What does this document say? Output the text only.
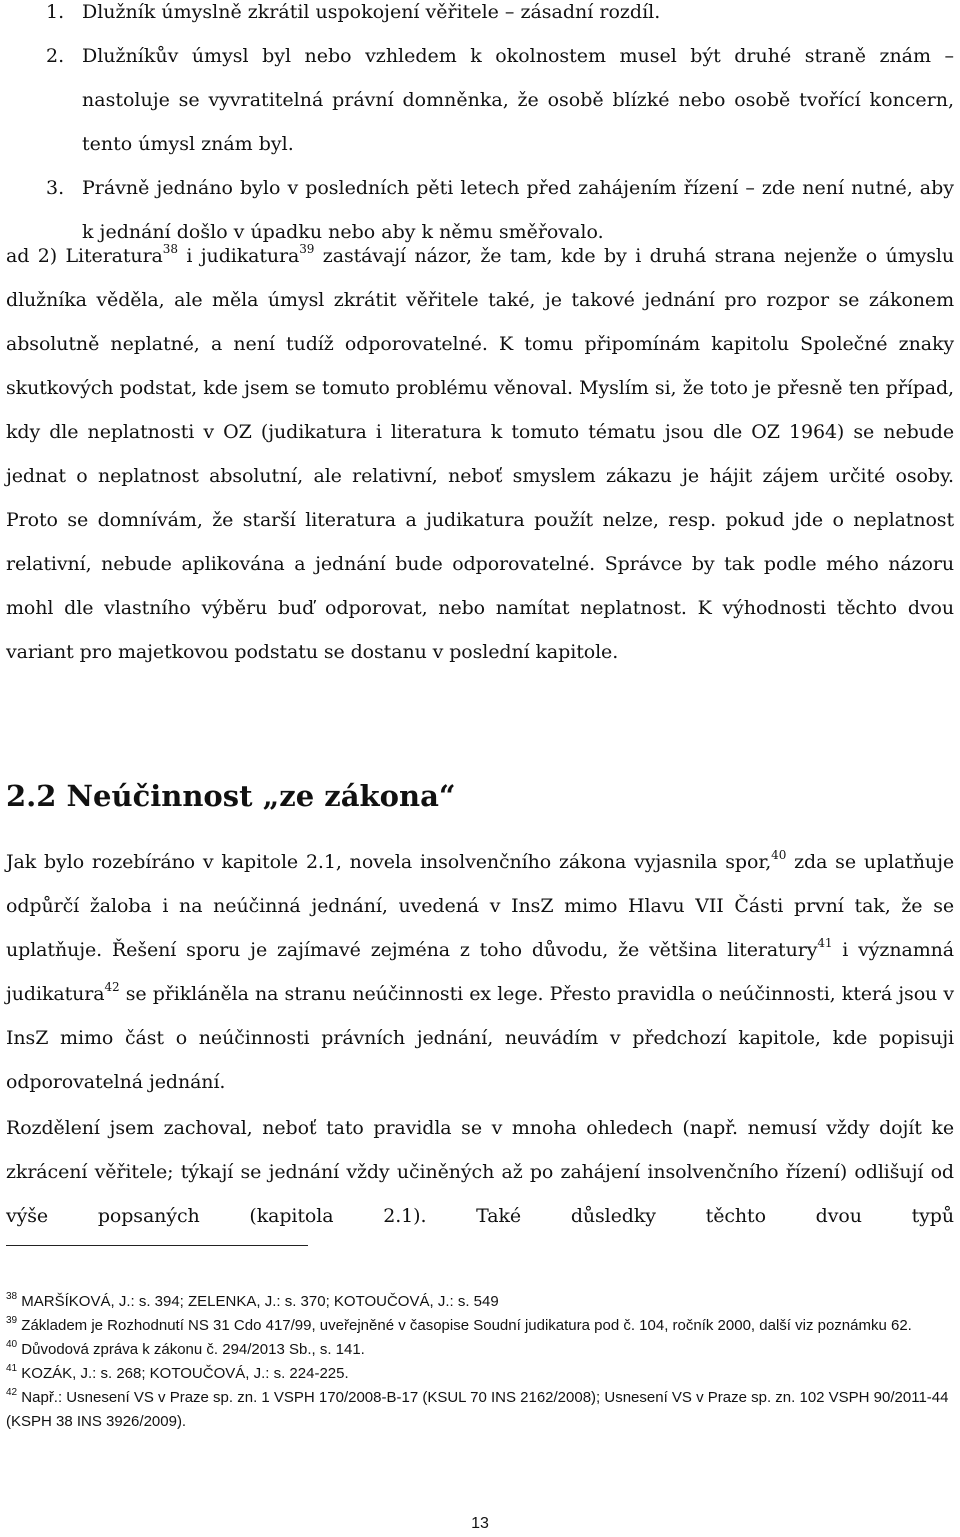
1. Dlužník úmyslně zkrátil uspokojení věřitele – zásadní rozdíl.
2. Dlužníkův úmysl byl nebo vzhledem k okolnostem musel být druhé straně znám – nastoluje se vyvratitelná právní domněnka, že osobě blízké nebo osobě tvořící koncern, tento úmysl znám byl.
3. Právně jednáno bylo v posledních pěti letech před zahájením řízení – zde není nutné, aby k jednání došlo v úpadku nebo aby k němu směřovalo.

ad 2) Literatura$^{38}$ i judikatura$^{39}$ zastávají názor, že tam, kde by i druhá strana nejenže o úmyslu dlužníka věděla, ale měla úmysl zkrátit věřitele také, je takové jednání pro rozpor se zákonem absolutně neplatné, a není tudíž odporovatelné. K tomu připomínám kapitolu Společné znaky skutkových podstat, kde jsem se tomuto problému věnoval. Myslím si, že toto je přesně ten případ, kdy dle neplatnosti v OZ (judikatura i literatura k tomuto tématu jsou dle OZ 1964) se nebude jednat o neplatnost absolutní, ale relativní, neboť smyslem zákazu je hájit zájem určité osoby. Proto se domnívám, že starší literatura a judikatura použít nelze, resp. pokud jde o neplatnost relativní, nebude aplikována a jednání bude odporovatelné. Správce by tak podle mého názoru mohl dle vlastního výběru buď odporovat, nebo namítat neplatnost. K výhodnosti těchto dvou variant pro majetkovou podstatu se dostanu v poslední kapitole.

2.2 Neúčinnost „ze zákona“

Jak bylo rozebíráno v kapitole 2.1, novela insolvenčního zákona vyjasnila spor,$^{40}$ zda se uplatňuje odpůrčí žaloba i na neúčinná jednání, uvedená v InsZ mimo Hlavu VII Části první tak, že se uplatňuje. Řešení sporu je zajímavé zejména z toho důvodu, že většina literatury$^{41}$ i významná judikatura$^{42}$ se přikláněla na stranu neúčinnosti ex lege. Přesto pravidla o neúčinnosti, která jsou v InsZ mimo část o neúčinnosti právních jednání, neuvádím v předchozí kapitole, kde popisuji odporovatelná jednání.

Rozdělení jsem zachoval, neboť tato pravidla se v mnoha ohledech (např. nemusí vždy dojít ke zkrácení věřitele; týkají se jednání vždy učiněných až po zahájení insolvenčního řízení) odlišují od výše popsaných (kapitola 2.1). Také důsledky těchto dvou typů

$^{38}$ MARŠÍKOVÁ, J.: s. 394; ZELENKA, J.: s. 370; KOTOUČOVÁ, J.: s. 549

$^{39}$ Základem je Rozhodnutí NS 31 Cdo 417/99, uveřejněné v časopise Soudní judikatura pod č. 104, ročník 2000, další viz poznámku 62.

$^{40}$ Důvodová zpráva k zákonu č. 294/2013 Sb., s. 141.

$^{41}$ KOZÁK, J.: s. 268; KOTOUČOVÁ, J.: s. 224-225.

$^{42}$ Např.: Usnesení VS v Praze sp. zn. 1 VSPH 170/2008-B-17 (KSUL 70 INS 2162/2008); Usnesení VS v Praze sp. zn. 102 VSPH 90/2011-44 (KSPH 38 INS 3926/2009).

13
